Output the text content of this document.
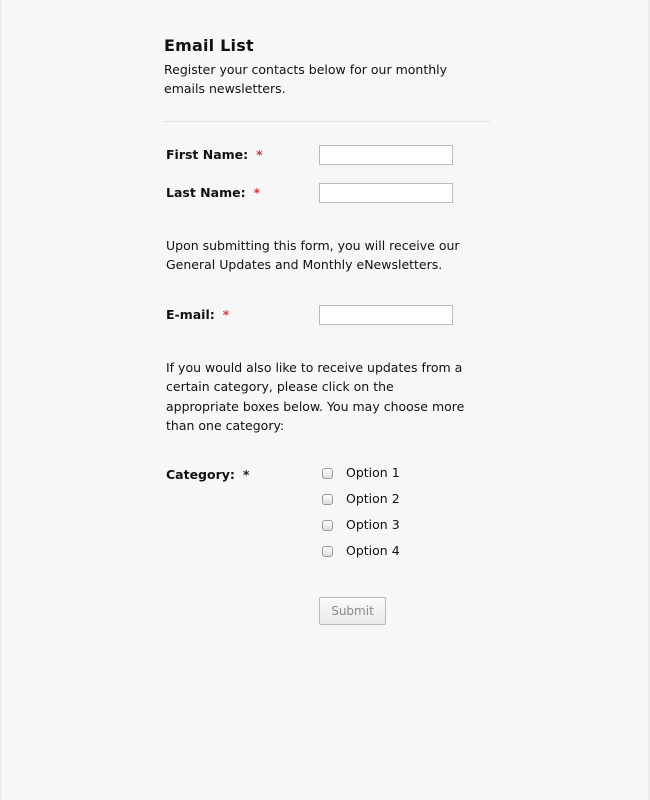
Email List
Register your contacts below for our monthly emails newsletters.
First Name: *
Last Name: *
Upon submitting this form, you will receive our General Updates and Monthly eNewsletters.
E-mail: *
If you would also like to receive updates from a certain category, please click on the appropriate boxes below. You may choose more than one category:
Category: *	Option 1
Option 2
Option 3
Option 4
Submit
